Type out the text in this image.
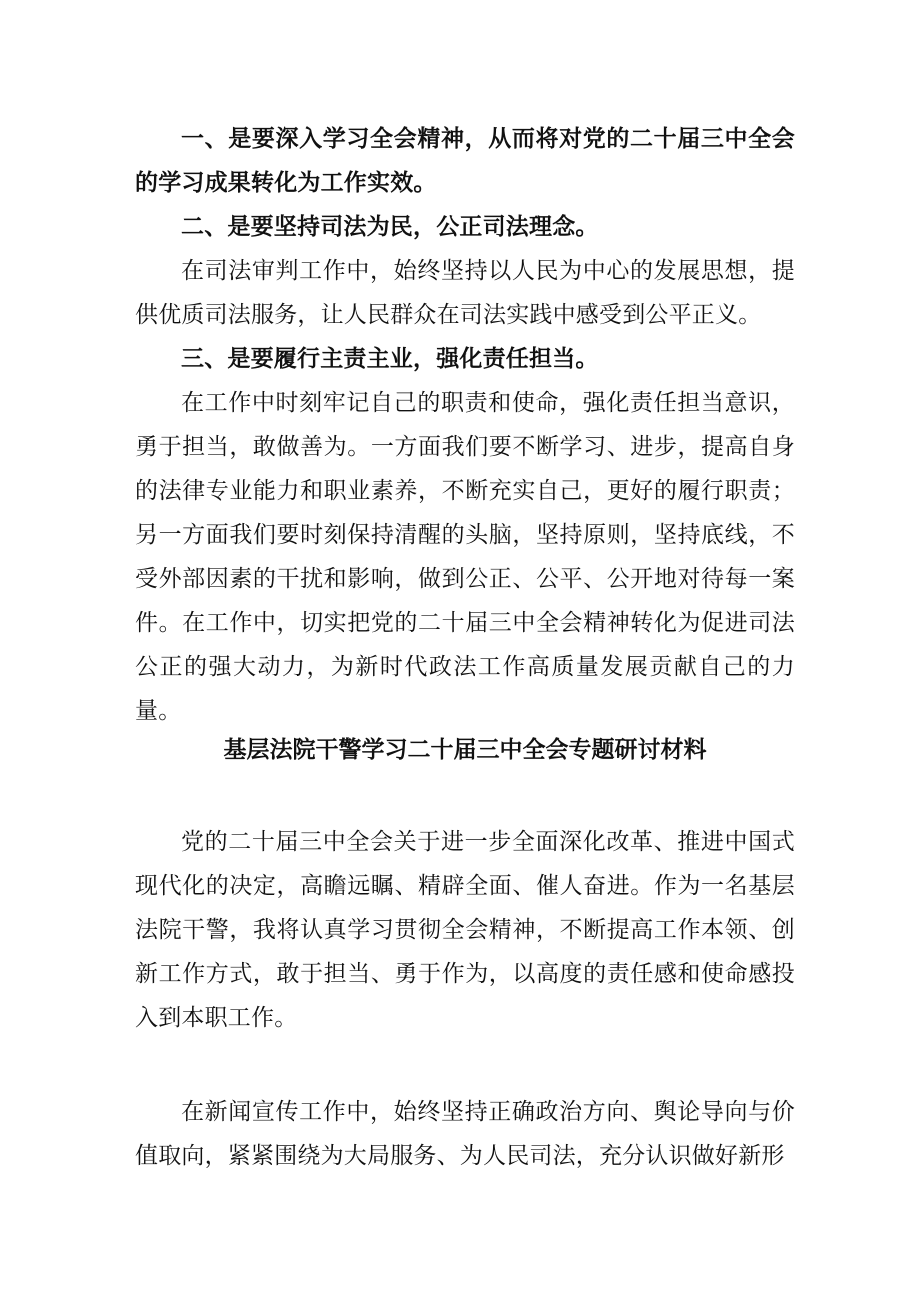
一、是要深入学习全会精神，从而将对党的二十届三中全会的学习成果转化为工作实效。

二、是要坚持司法为民，公正司法理念。

在司法审判工作中，始终坚持以人民为中心的发展思想，提供优质司法服务，让人民群众在司法实践中感受到公平正义。

三、是要履行主责主业，强化责任担当。

在工作中时刻牢记自己的职责和使命，强化责任担当意识，勇于担当，敢做善为。一方面我们要不断学习、进步，提高自身的法律专业能力和职业素养，不断充实自己，更好的履行职责；另一方面我们要时刻保持清醒的头脑，坚持原则，坚持底线，不受外部因素的干扰和影响，做到公正、公平、公开地对待每一案件。在工作中，切实把党的二十届三中全会精神转化为促进司法公正的强大动力，为新时代政法工作高质量发展贡献自己的力量。

基层法院干警学习二十届三中全会专题研讨材料

党的二十届三中全会关于进一步全面深化改革、推进中国式现代化的决定，高瞻远瞩、精辟全面、催人奋进。作为一名基层法院干警，我将认真学习贯彻全会精神，不断提高工作本领、创新工作方式，敢于担当、勇于作为，以高度的责任感和使命感投入到本职工作。

在新闻宣传工作中，始终坚持正确政治方向、舆论导向与价值取向，紧紧围绕为大局服务、为人民司法，充分认识做好新形
